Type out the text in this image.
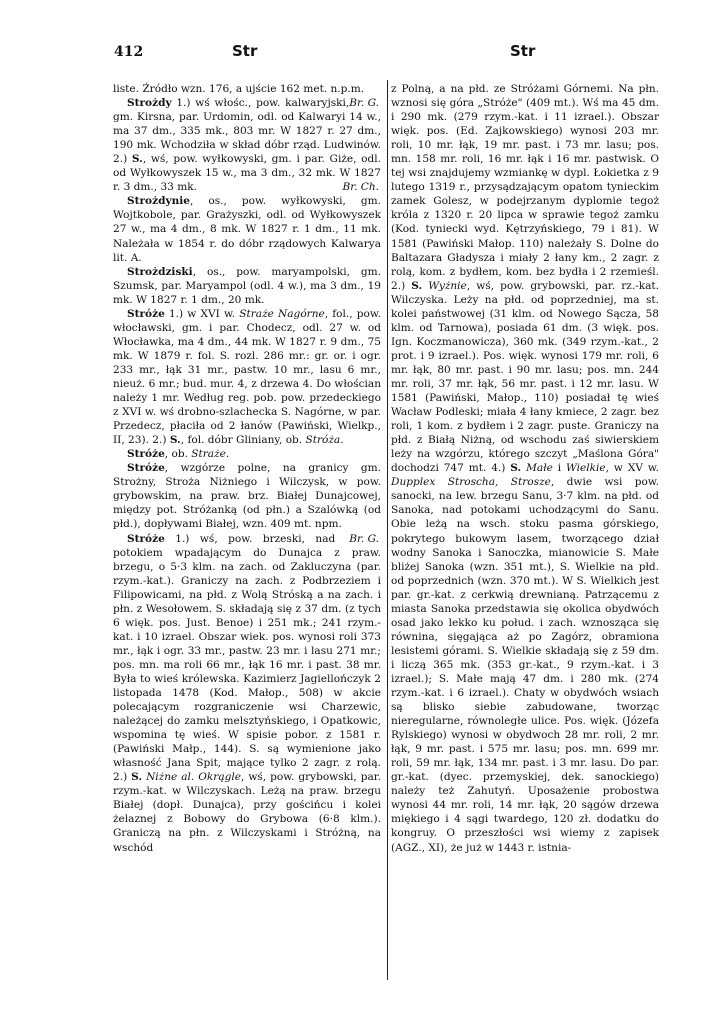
412	Str	Str

liste. Źródło wzn. 176, a ujście 162 met. n.p.m.
Br. G.

Strożdy 1.) wś włośc., pow. kalwaryjski, gm. Kirsna, par. Urdomin, odl. od Kalwaryi 14 w., ma 37 dm., 335 mk., 803 mr. W 1827 r. 27 dm., 190 mk. Wchodziła w skład dóbr rząd. Ludwinów. 2.) S., wś, pow. wyłkowyski, gm. i par. Giże, odl. od Wyłkowyszek 15 w., ma 3 dm., 32 mk. W 1827 r. 3 dm., 33 mk.	Br. Ch.

Strożdynie, os., pow. wyłkowyski, gm. Wojtkobole, par. Grażyszki, odl. od Wyłkowyszek 27 w., ma 4 dm., 8 mk. W 1827 r. 1 dm., 11 mk. Należała w 1854 r. do dóbr rządowych Kalwarya lit. A.

Strożdziski, os., pow. maryampolski, gm. Szumsk, par. Maryampol (odl. 4 w.), ma 3 dm., 19 mk. W 1827 r. 1 dm., 20 mk.

Stróże 1.) w XVI w. Straże Nagórne, fol., pow. włocławski, gm. i par. Chodecz, odl. 27 w. od Włocławka, ma 4 dm., 44 mk. W 1827 r. 9 dm., 75 mk. W 1879 r. fol. S. rozl. 286 mr.: gr. or. i ogr. 233 mr., łąk 31 mr., pastw. 10 mr., lasu 6 mr., nieuż. 6 mr.; bud. mur. 4, z drzewa 4. Do włościan należy 1 mr. Według reg. pob. pow. przedeckiego z XVI w. wś drobno-szlachecka S. Nagórne, w par. Przedecz, płaciła od 2 łanów (Pawiński, Wielkp., II, 23). 2.) S., fol. dóbr Gliniany, ob. Stróża.

Stróże, ob. Straże.

Stróże, wzgórze polne, na granicy gm. Strożny, Stroża Niżniego i Wilczysk, w pow. grybowskim, na praw. brz. Białej Dunajcowej, między pot. Stróżanką (od płn.) a Szalówką (od płd.), dopływami Białej, wzn. 409 mt. npm.
Br. G.

Stróże 1.) wś, pow. brzeski, nad potokiem wpadającym do Dunajca z praw. brzegu, o 5·3 klm. na zach. od Zakluczyna (par. rzym.-kat.). Graniczy na zach. z Podbrzeziem i Filipowicami, na płd. z Wolą Stróską a na zach. i płn. z Wesołowem. S. składają się z 37 dm. (z tych 6 więk. pos. Just. Benoe) i 251 mk.; 241 rzym.-kat. i 10 izrael. Obszar wiek. pos. wynosi roli 373 mr., łąk i ogr. 33 mr., pastw. 23 mr. i lasu 271 mr.; pos. mn. ma roli 66 mr., łąk 16 mr. i past. 38 mr. Była to wieś królewska. Kazimierz Jagiellończyk 2 listopada 1478 (Kod. Małop., 508) w akcie polecającym rozgraniczenie wsi Charzewic, należącej do zamku melsztyńskiego, i Opatkowic, wspomina tę wieś. W spisie pobor. z 1581 r. (Pawiński Małp., 144). S. są wymienione jako własność Jana Spit, mające tylko 2 zagr. z rolą. 2.) S. Niżne al. Okrągle, wś, pow. grybowski, par. rzym.-kat. w Wilczyskach. Leżą na praw. brzegu Białej (dopł. Dunajca), przy gościńcu i kolei żelaznej z Bobowy do Grybowa (6·8 klm.). Graniczą na płn. z Wilczyskami i Stróżną, na wschód

z Polną, a na płd. ze Stróżami Górnemi. Na płn. wznosi się góra „Stróże" (409 mt.). Wś ma 45 dm. i 290 mk. (279 rzym.-kat. i 11 izrael.). Obszar więk. pos. (Ed. Zajkowskiego) wynosi 203 mr. roli, 10 mr. łąk, 19 mr. past. i 73 mr. lasu; pos. mn. 158 mr. roli, 16 mr. łąk i 16 mr. pastwisk. O tej wsi znajdujemy wzmiankę w dypl. Łokietka z 9 lutego 1319 r., przysądzającym opatom tynieckim zamek Golesz, w podejrzanym dyplomie tegoż króla z 1320 r. 20 lipca w sprawie tegoż zamku (Kod. tyniecki wyd. Kętrzyńskiego, 79 i 81). W 1581 (Pawiński Małop. 110) należały S. Dolne do Baltazara Gładysza i miały 2 łany km., 2 zagr. z rolą, kom. z bydłem, kom. bez bydła i 2 rzemieśl. 2.) S. Wyżnie, wś, pow. grybowski, par. rz.-kat. Wilczyska. Leży na płd. od poprzedniej, ma st. kolei państwowej (31 klm. od Nowego Sącza, 58 klm. od Tarnowa), posiada 61 dm. (3 więk. pos. Ign. Koczmanowicza), 360 mk. (349 rzym.-kat., 2 prot. i 9 izrael.). Pos. więk. wynosi 179 mr. roli, 6 mr. łąk, 80 mr. past. i 90 mr. lasu; pos. mn. 244 mr. roli, 37 mr. łąk, 56 mr. past. i 12 mr. lasu. W 1581 (Pawiński, Małop., 110) posiadał tę wieś Wacław Podleski; miała 4 łany kmiece, 2 zagr. bez roli, 1 kom. z bydłem i 2 zagr. puste. Graniczy na płd. z Białą Niżną, od wschodu zaś siwierskiem leży na wzgórzu, którego szczyt „Maślona Góra" dochodzi 747 mt. 4.) S. Małe i Wielkie, w XV w. Dupplex Stroscha, Strosze, dwie wsi pow. sanocki, na lew. brzegu Sanu, 3·7 klm. na płd. od Sanoka, nad potokami uchodzącymi do Sanu. Obie leżą na wsch. stoku pasma górskiego, pokrytego bukowym lasem, tworzącego dział wodny Sanoka i Sanoczka, mianowicie S. Małe bliżej Sanoka (wzn. 351 mt.), S. Wielkie na płd. od poprzednich (wzn. 370 mt.). W S. Wielkich jest par. gr.-kat. z cerkwią drewnianą. Patrzącemu z miasta Sanoka przedstawia się okolica obydwóch osad jako lekko ku połud. i zach. wznosząca się równina, sięgająca aż po Zagórz, obramiona lesistemi górami. S. Wielkie składają się z 59 dm. i liczą 365 mk. (353 gr.-kat., 9 rzym.-kat. i 3 izrael.); S. Małe mają 47 dm. i 280 mk. (274 rzym.-kat. i 6 izrael.). Chaty w obydwóch wsiach są blisko siebie zabudowane, tworząc nieregularne, równoległe ulice. Pos. więk. (Józefa Rylskiego) wynosi w obydwoch 28 mr. roli, 2 mr. łąk, 9 mr. past. i 575 mr. lasu; pos. mn. 699 mr. roli, 59 mr. łąk, 134 mr. past. i 3 mr. lasu. Do par. gr.-kat. (dyec. przemyskiej, dek. sanockiego) należy też Zahutyń. Uposażenie probostwa wynosi 44 mr. roli, 14 mr. łąk, 20 sągów drzewa miękiego i 4 sągi twardego, 120 zł. dodatku do kongruy. O przeszłości wsi wiemy z zapisek (AGZ., XI), że już w 1443 r. istnia-
